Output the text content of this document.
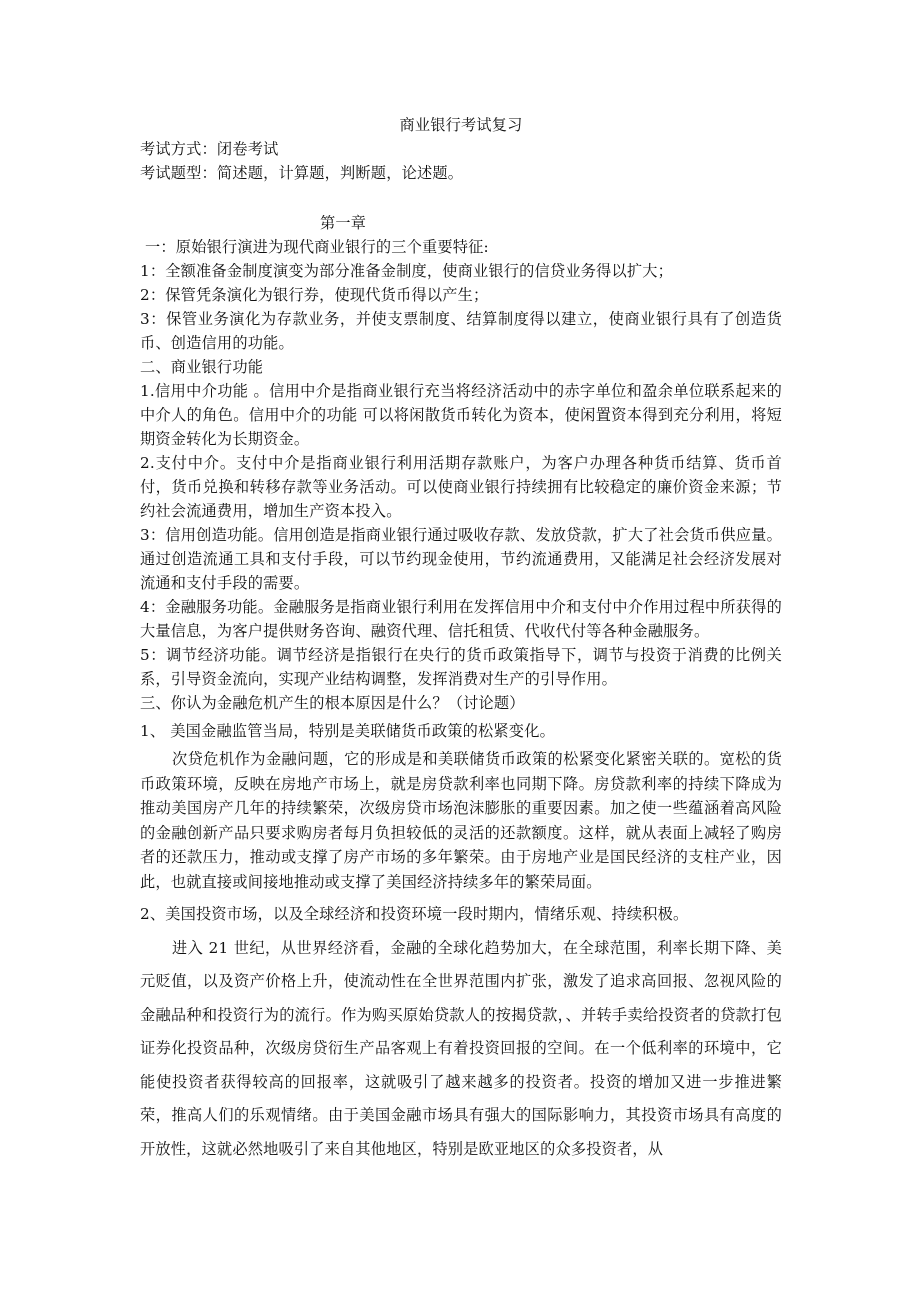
商业银行考试复习

考试方式：闭卷考试

考试题型：简述题，计算题，判断题，论述题。

第一章

一：原始银行演进为现代商业银行的三个重要特征:

1：全额准备金制度演变为部分准备金制度，使商业银行的信贷业务得以扩大；

2：保管凭条演化为银行券，使现代货币得以产生；

3：保管业务演化为存款业务，并使支票制度、结算制度得以建立，使商业银行具有了创造货币、创造信用的功能。

二、商业银行功能

1.信用中介功能 。信用中介是指商业银行充当将经济活动中的赤字单位和盈余单位联系起来的中介人的角色。信用中介的功能 可以将闲散货币转化为资本，使闲置资本得到充分利用，将短期资金转化为长期资金。

2.支付中介。支付中介是指商业银行利用活期存款账户，为客户办理各种货币结算、货币首付，货币兑换和转移存款等业务活动。可以使商业银行持续拥有比较稳定的廉价资金来源；节约社会流通费用，增加生产资本投入。

3：信用创造功能。信用创造是指商业银行通过吸收存款、发放贷款，扩大了社会货币供应量。通过创造流通工具和支付手段，可以节约现金使用，节约流通费用，又能满足社会经济发展对流通和支付手段的需要。

4：金融服务功能。金融服务是指商业银行利用在发挥信用中介和支付中介作用过程中所获得的大量信息，为客户提供财务咨询、融资代理、信托租赁、代收代付等各种金融服务。

5：调节经济功能。调节经济是指银行在央行的货币政策指导下，调节与投资于消费的比例关系，引导资金流向，实现产业结构调整，发挥消费对生产的引导作用。

三、你认为金融危机产生的根本原因是什么？（讨论题）

1、 美国金融监管当局，特别是美联储货币政策的松紧变化。

次贷危机作为金融问题，它的形成是和美联储货币政策的松紧变化紧密关联的。宽松的货币政策环境，反映在房地产市场上，就是房贷款利率也同期下降。房贷款利率的持续下降成为推动美国房产几年的持续繁荣，次级房贷市场泡沫膨胀的重要因素。加之使一些蕴涵着高风险的金融创新产品只要求购房者每月负担较低的灵活的还款额度。这样，就从表面上减轻了购房者的还款压力，推动或支撑了房产市场的多年繁荣。由于房地产业是国民经济的支柱产业，因此，也就直接或间接地推动或支撑了美国经济持续多年的繁荣局面。

2、美国投资市场，以及全球经济和投资环境一段时期内，情绪乐观、持续积极。

进入 21 世纪，从世界经济看，金融的全球化趋势加大，在全球范围，利率长期下降、美元贬值，以及资产价格上升，使流动性在全世界范围内扩张，激发了追求高回报、忽视风险的金融品种和投资行为的流行。作为购买原始贷款人的按揭贷款，、并转手卖给投资者的贷款打包证券化投资品种，次级房贷衍生产品客观上有着投资回报的空间。在一个低利率的环境中，它能使投资者获得较高的回报率，这就吸引了越来越多的投资者。投资的增加又进一步推进繁荣，推高人们的乐观情绪。由于美国金融市场具有强大的国际影响力，其投资市场具有高度的开放性，这就必然地吸引了来自其他地区，特别是欧亚地区的众多投资者，从
